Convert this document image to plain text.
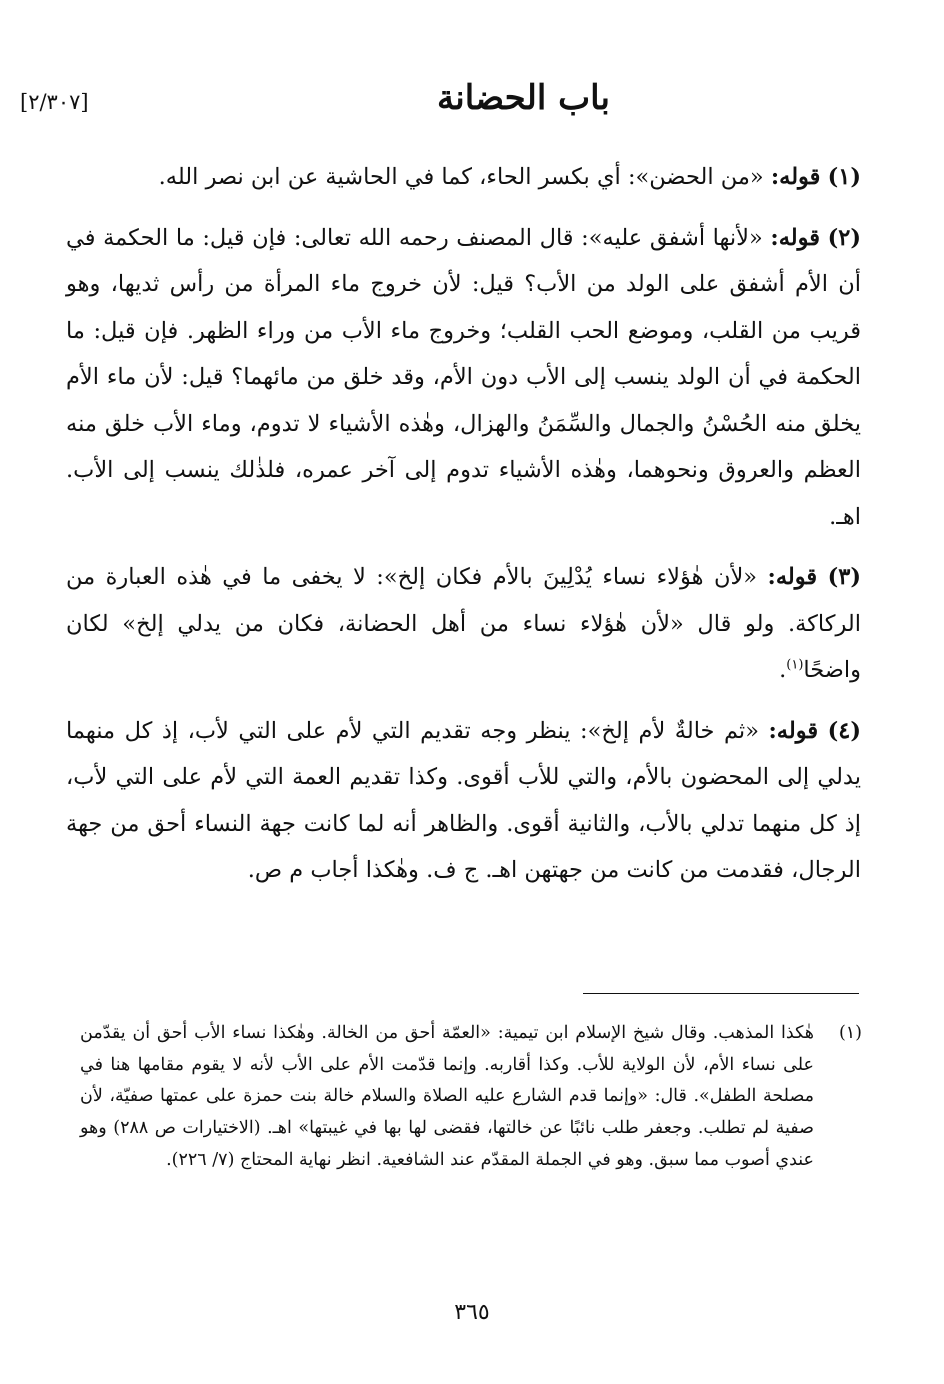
باب الحضانة
[٢/٣٠٧]

(١) قوله: «من الحضن»: أي بكسر الحاء، كما في الحاشية عن ابن نصر الله.

(٢) قوله: «لأنها أشفق عليه»: قال المصنف رحمه الله تعالى: فإن قيل: ما الحكمة في أن الأم أشفق على الولد من الأب؟ قيل: لأن خروج ماء المرأة من رأس ثديها، وهو قريب من القلب، وموضع الحب القلب؛ وخروج ماء الأب من وراء الظهر. فإن قيل: ما الحكمة في أن الولد ينسب إلى الأب دون الأم، وقد خلق من مائهما؟ قيل: لأن ماء الأم يخلق منه الحُسْنُ والجمال والسِّمَنُ والهزال، وهٰذه الأشياء لا تدوم، وماء الأب خلق منه العظم والعروق ونحوهما، وهٰذه الأشياء تدوم إلى آخر عمره، فلذٰلك ينسب إلى الأب. اهـ.

(٣) قوله: «لأن هٰؤلاء نساء يُدْلِينَ بالأم فكان إلخ»: لا يخفى ما في هٰذه العبارة من الركاكة. ولو قال «لأن هٰؤلاء نساء من أهل الحضانة، فكان من يدلي إلخ» لكان واضحًا$^{(١)}$.

(٤) قوله: «ثم خالةٌ لأم إلخ»: ينظر وجه تقديم التي لأم على التي لأب، إذ كل منهما يدلي إلى المحضون بالأم، والتي للأب أقوى. وكذا تقديم العمة التي لأم على التي لأب، إذ كل منهما تدلي بالأب، والثانية أقوى. والظاهر أنه لما كانت جهة النساء أحق من جهة الرجال، فقدمت من كانت من جهتهن اهـ. ج ف. وهٰكذا أجاب م ص.

(١)
هٰكذا المذهب. وقال شيخ الإسلام ابن تيمية: «العمّة أحق من الخالة. وهٰكذا نساء الأب أحق أن يقدّمن على نساء الأم، لأن الولاية للأب. وكذا أقاربه. وإنما قدّمت الأم على الأب لأنه لا يقوم مقامها هنا في مصلحة الطفل». قال: «وإنما قدم الشارع عليه الصلاة والسلام خالة بنت حمزة على عمتها صفيّة، لأن صفية لم تطلب. وجعفر طلب نائبًا عن خالتها، فقضى لها بها في غيبتها» اهـ. (الاختيارات ص ٢٨٨) وهو عندي أصوب مما سبق. وهو في الجملة المقدّم عند الشافعية. انظر نهاية المحتاج (٧/ ٢٢٦).
٣٦٥
